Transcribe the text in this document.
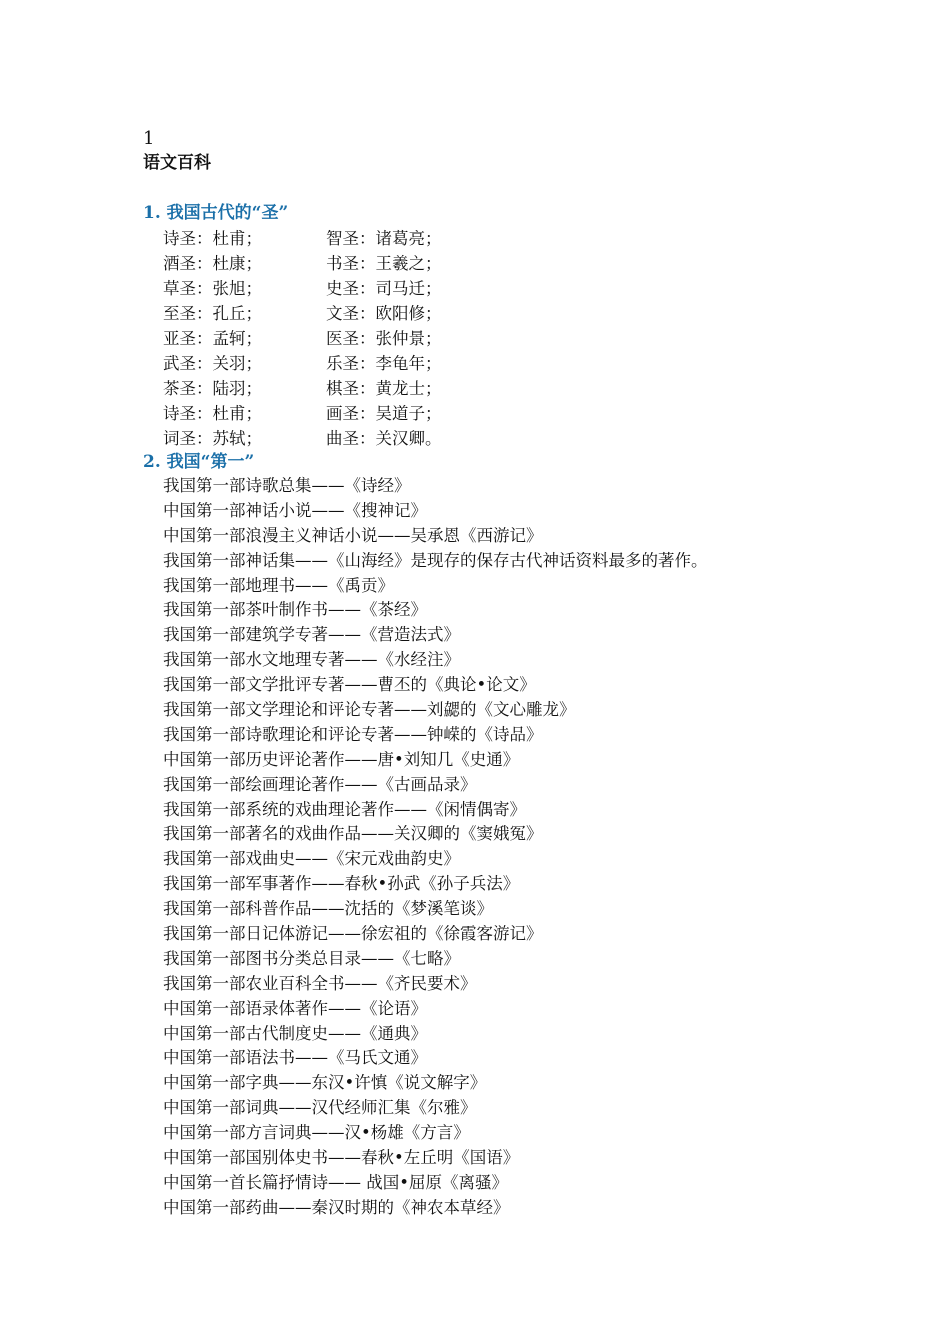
1
语文百科
1. 我国古代的“圣”
诗圣：杜甫；	智圣：诸葛亮；
酒圣：杜康；	书圣：王羲之；
草圣：张旭；	史圣：司马迁；
至圣：孔丘；	文圣：欧阳修；
亚圣：孟轲；	医圣：张仲景；
武圣：关羽；	乐圣：李龟年；
茶圣：陆羽；	棋圣：黄龙士；
诗圣：杜甫；	画圣：吴道子；
词圣：苏轼；	曲圣：关汉卿。
2. 我国“第一”
我国第一部诗歌总集——《诗经》
中国第一部神话小说——《搜神记》
中国第一部浪漫主义神话小说——吴承恩《西游记》
我国第一部神话集——《山海经》是现存的保存古代神话资料最多的著作。
我国第一部地理书——《禹贡》
我国第一部茶叶制作书——《茶经》
我国第一部建筑学专著——《营造法式》
我国第一部水文地理专著——《水经注》
我国第一部文学批评专著——曹丕的《典论•论文》
我国第一部文学理论和评论专著——刘勰的《文心雕龙》
我国第一部诗歌理论和评论专著——钟嵘的《诗品》
中国第一部历史评论著作——唐•刘知几《史通》
我国第一部绘画理论著作——《古画品录》
我国第一部系统的戏曲理论著作——《闲情偶寄》
我国第一部著名的戏曲作品——关汉卿的《窦娥冤》
我国第一部戏曲史——《宋元戏曲韵史》
我国第一部军事著作——春秋•孙武《孙子兵法》
我国第一部科普作品——沈括的《梦溪笔谈》
我国第一部日记体游记——徐宏祖的《徐霞客游记》
我国第一部图书分类总目录——《七略》
我国第一部农业百科全书——《齐民要术》
中国第一部语录体著作——《论语》
中国第一部古代制度史——《通典》
中国第一部语法书——《马氏文通》
中国第一部字典——东汉•许慎《说文解字》
中国第一部词典——汉代经师汇集《尔雅》
中国第一部方言词典——汉•杨雄《方言》
中国第一部国别体史书——春秋•左丘明《国语》
中国第一首长篇抒情诗—— 战国•屈原《离骚》
中国第一部药曲——秦汉时期的《神农本草经》
